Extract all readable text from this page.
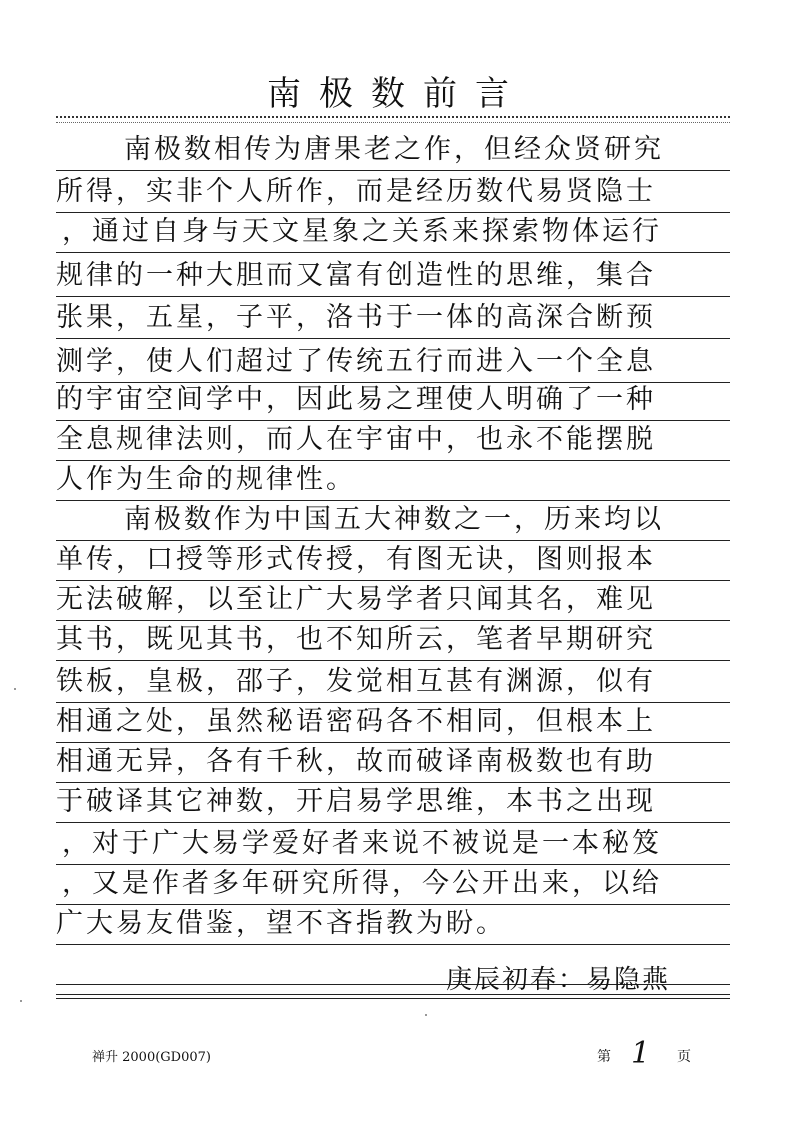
南极数前言
南极数相传为唐果老之作，但经众贤研究
所得，实非个人所作，而是经历数代易贤隐士
，通过自身与天文星象之关系来探索物体运行
规律的一种大胆而又富有创造性的思维，集合
张果，五星，子平，洛书于一体的高深合断预
测学，使人们超过了传统五行而进入一个全息
的宇宙空间学中，因此易之理使人明确了一种
全息规律法则，而人在宇宙中，也永不能摆脱
人作为生命的规律性。
南极数作为中国五大神数之一，历来均以
单传，口授等形式传授，有图无诀，图则报本
无法破解，以至让广大易学者只闻其名，难见
其书，既见其书，也不知所云，笔者早期研究
铁板，皇极，邵子，发觉相互甚有渊源，似有
相通之处，虽然秘语密码各不相同，但根本上
相通无异，各有千秋，故而破译南极数也有助
于破译其它神数，开启易学思维，本书之出现
，对于广大易学爱好者来说不被说是一本秘笈
，又是作者多年研究所得，今公开出来，以给
广大易友借鉴，望不吝指教为盼。
庚辰初春：易隐燕
禅升 2000(GD007)	第 1 页
